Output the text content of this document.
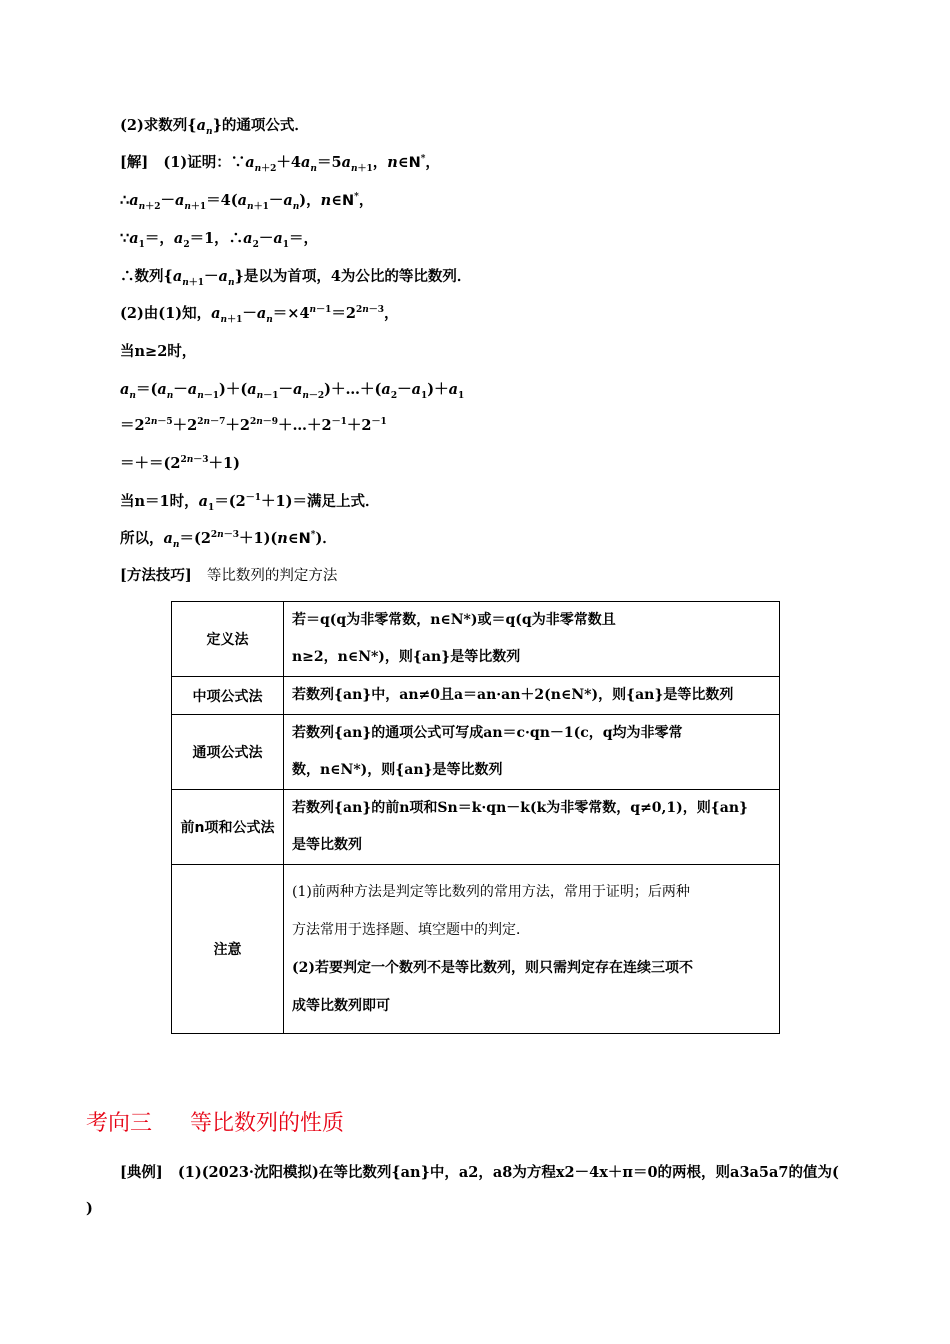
(2)求数列$\{a_n\}$的通项公式．
[解] (1)证明：$\because a_{n+2}+4a_n=5a_{n+1}$，n∈N*，
$\therefore a_{n+2}-a_{n+1}=4(a_{n+1}-a_n)$，n∈N*，
$\because a_1=$，$a_2=1$，$\therefore a_2-a_1=$，
∴数列$\{a_{n+1}-a_n\}$是以为首项，4为公比的等比数列．
(2)由(1)知，$a_{n+1}-a_n=\times 4^{n-1}=2^{2n-3}$，
当n≥2时，
$a_n=(a_n-a_{n-1})+(a_{n-1}-a_{n-2})+\dots+(a_2-a_1)+a_1$
$=2^{2n-5}+2^{2n-7}+2^{2n-9}+\dots+2^{-1}+2^{-1}$
$=+=(2^{2n-3}+1)$
当n＝1时，$a_1=(2^{-1}+1)=$满足上式．
所以，$a_n=(2^{2n-3}+1)(n\in N^*)$．
[方法技巧] 等比数列的判定方法
定义法	若＝q(q为非零常数，n∈N*)或＝q(q为非零常数且
n≥2，n∈N*)，则{an}是等比数列

中项公式法	若数列{an}中，an≠0且a＝an·an＋2(n∈N*)，则{an}是等比数列

通项公式法	若数列{an}的通项公式可写成an＝c·qn－1(c，q均为非零常
数，n∈N*)，则{an}是等比数列

前n项和公式法	若数列{an}的前n项和Sn＝k·qn－k(k为非零常数，q≠0,1)，则{an}
是等比数列

注意	(1)前两种方法是判定等比数列的常用方法，常用于证明；后两种
方法常用于选择题、填空题中的判定．
(2)若要判定一个数列不是等比数列，则只需判定存在连续三项不
成等比数列即可
考向三 等比数列的性质
[典例] (1)(2023·沈阳模拟)在等比数列{an}中，a2，a8为方程x2－4x＋π＝0的两根，则a3a5a7的值为(
)
